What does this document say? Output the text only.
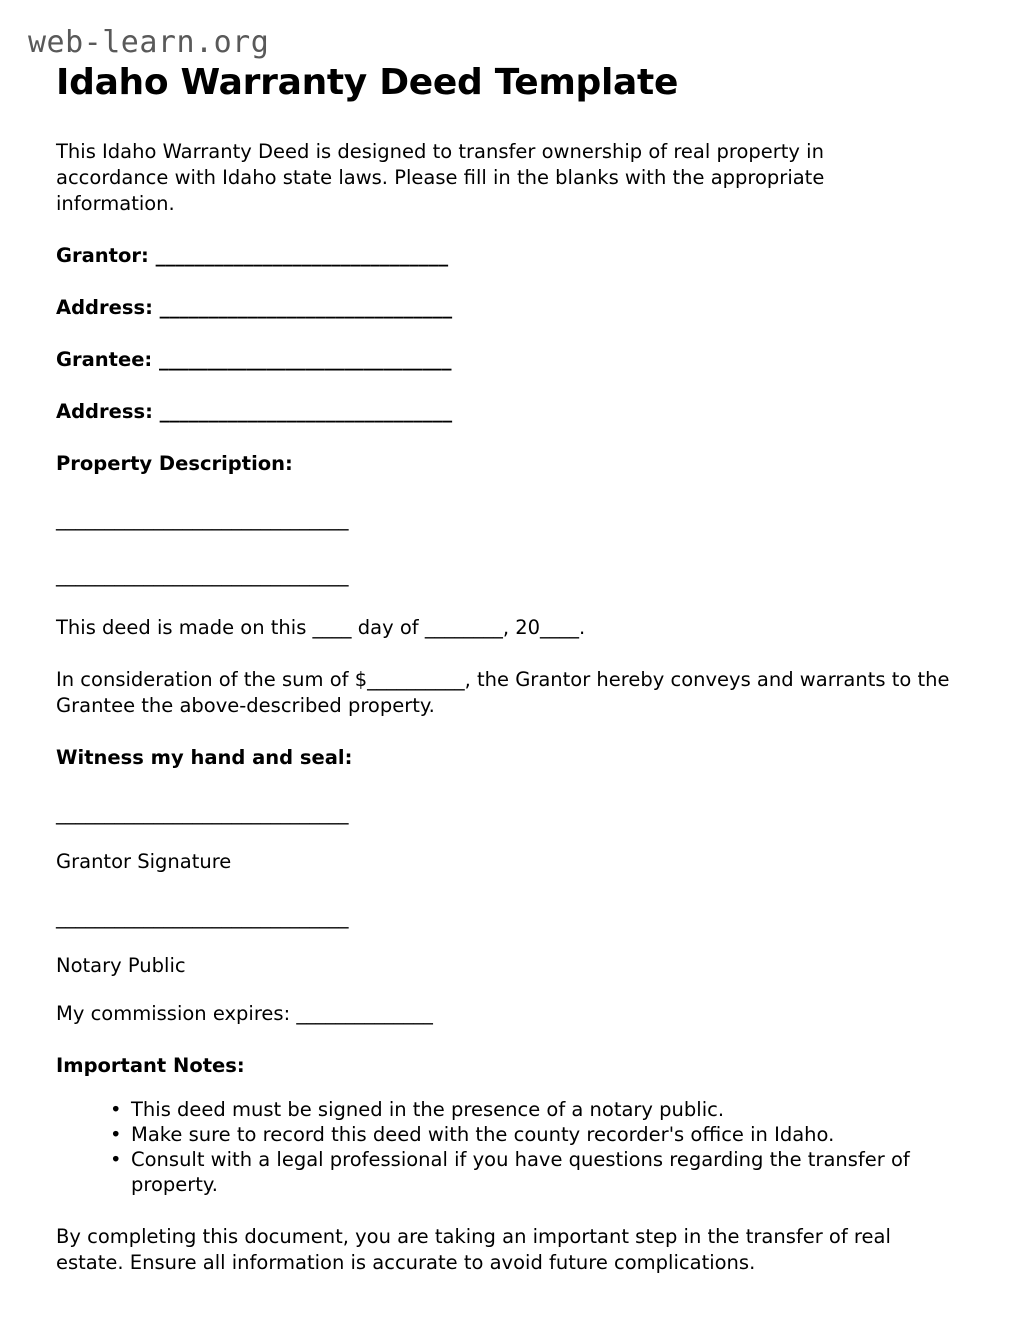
web-learn.org
Idaho Warranty Deed Template

This Idaho Warranty Deed is designed to transfer ownership of real property in accordance with Idaho state laws. Please fill in the blanks with the appropriate information.

Grantor: ______________________________
Address: ______________________________
Grantee: ______________________________
Address: ______________________________
Property Description:
______________________________
______________________________

This deed is made on this ____ day of ________, 20____.

In consideration of the sum of $__________, the Grantor hereby conveys and warrants to the Grantee the above-described property.

Witness my hand and seal:
______________________________
Grantor Signature
______________________________
Notary Public
My commission expires: ______________
Important Notes:
• This deed must be signed in the presence of a notary public.
• Make sure to record this deed with the county recorder's office in Idaho.
• Consult with a legal professional if you have questions regarding the transfer of property.

By completing this document, you are taking an important step in the transfer of real estate. Ensure all information is accurate to avoid future complications.
